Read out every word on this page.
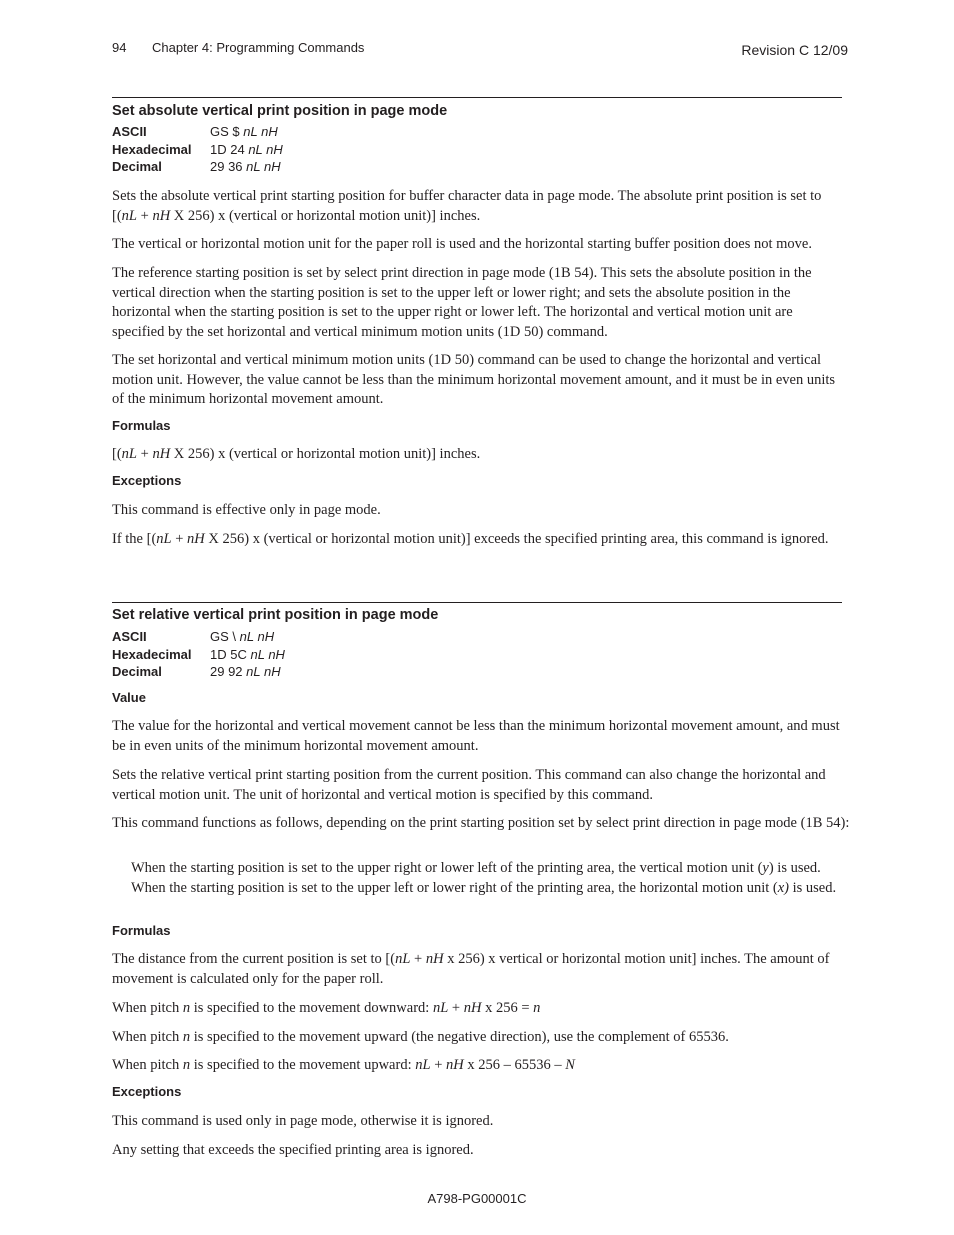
94 Chapter 4: Programming Commands	Revision C 12/09
Set absolute vertical print position in page mode
ASCII	GS $ nL nH
Hexadecimal 1D 24 nL nH
Decimal	29 36 nL nH
Sets the absolute vertical print starting position for buffer character data in page mode. The absolute print position is set to [(nL + nH X 256) x (vertical or horizontal motion unit)] inches.
The vertical or horizontal motion unit for the paper roll is used and the horizontal starting buffer position does not move.
The reference starting position is set by select print direction in page mode (1B 54). This sets the absolute position in the vertical direction when the starting position is set to the upper left or lower right; and sets the absolute position in the horizontal when the starting position is set to the upper right or lower left. The horizontal and vertical motion unit are specified by the set horizontal and vertical minimum motion units (1D 50) command.
The set horizontal and vertical minimum motion units (1D 50) command can be used to change the horizontal and vertical motion unit. However, the value cannot be less than the minimum horizontal movement amount, and it must be in even units of the minimum horizontal movement amount.
Formulas
[(nL + nH X 256) x (vertical or horizontal motion unit)] inches.
Exceptions
This command is effective only in page mode.
If the [(nL + nH X 256) x (vertical or horizontal motion unit)] exceeds the specified printing area, this command is ignored.
Set relative vertical print position in page mode
ASCII	GS \ nL nH
Hexadecimal 1D 5C nL nH
Decimal	29 92 nL nH
Value
The value for the horizontal and vertical movement cannot be less than the minimum horizontal movement amount, and must be in even units of the minimum horizontal movement amount.
Sets the relative vertical print starting position from the current position. This command can also change the horizontal and vertical motion unit. The unit of horizontal and vertical motion is specified by this command.
This command functions as follows, depending on the print starting position set by select print direction in page mode (1B 54):
When the starting position is set to the upper right or lower left of the printing area, the vertical motion unit (y) is used.
When the starting position is set to the upper left or lower right of the printing area, the horizontal motion unit (x) is used.
Formulas
The distance from the current position is set to [(nL + nH x 256) x vertical or horizontal motion unit] inches. The amount of movement is calculated only for the paper roll.
When pitch n is specified to the movement downward: nL + nH x 256 = n
When pitch n is specified to the movement upward (the negative direction), use the complement of 65536.
When pitch n is specified to the movement upward: nL + nH x 256 – 65536 – N
Exceptions
This command is used only in page mode, otherwise it is ignored.
Any setting that exceeds the specified printing area is ignored.
A798-PG00001C
